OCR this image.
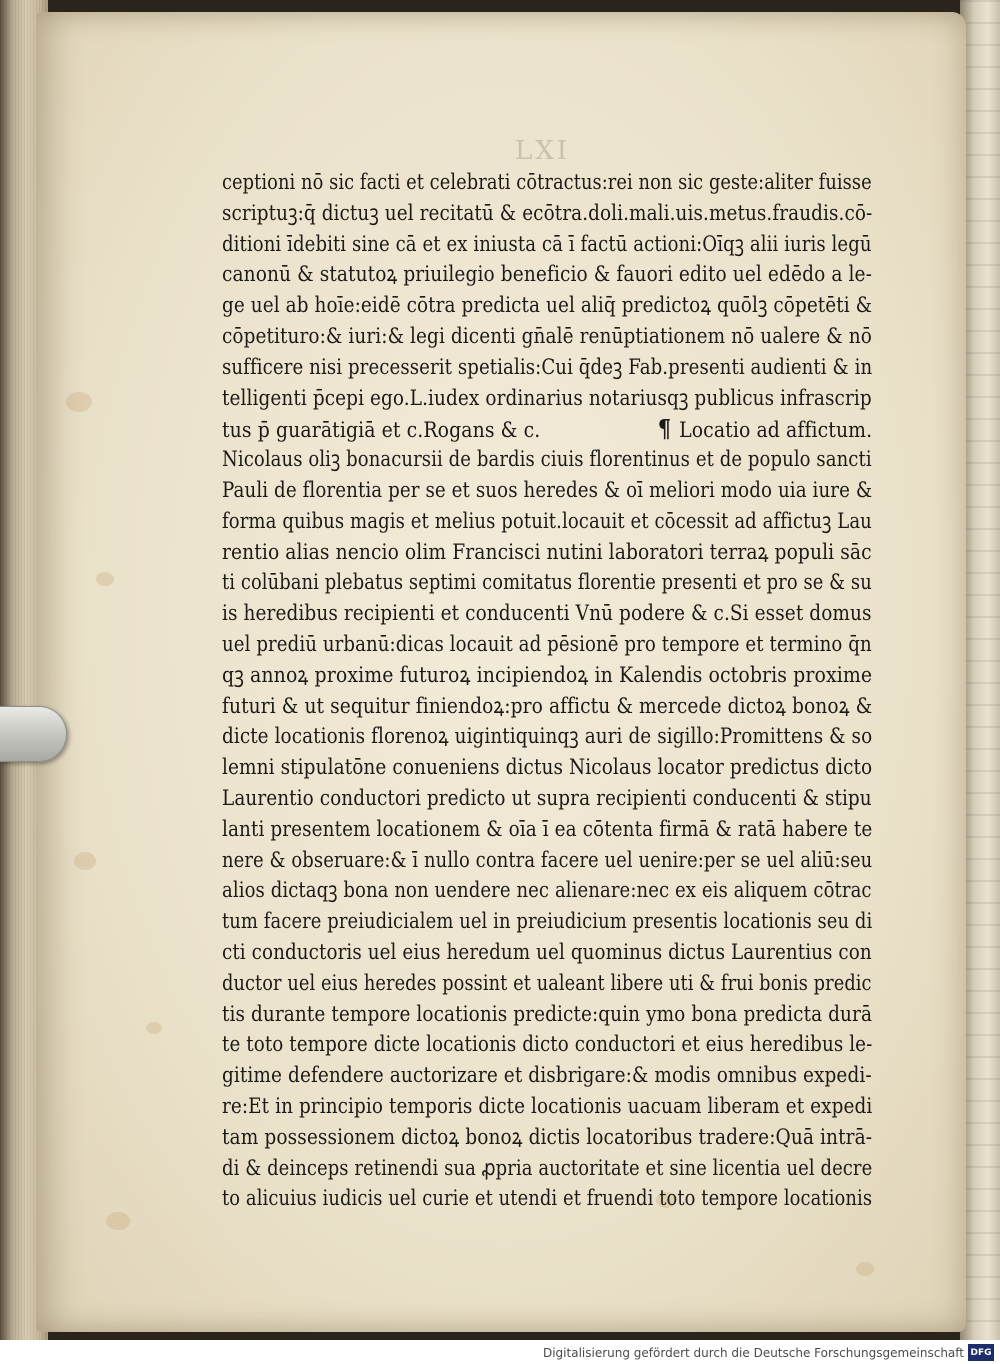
LXI
ceptioni nō sic facti et celebrati cōtractus:rei non sic geste:aliter fuisse
scriptuꝫ:q̄ dictuꝫ uel recitatū & ecōtra.doli.mali.uis.metus.fraudis.cō-
ditioni īdebiti sine cā et ex iniusta cā ī factū actioni:Oīqꝫ alii iuris legū
canonū & statutoꝝ priuilegio beneficio & fauori edito uel edēdo a le-
ge uel ab hoīe:eidē cōtra predicta uel aliq̄ predictoꝝ quōlꝫ cōpetēti &
cōpetituro:& iuri:& legi dicenti gn̄alē renūptiationem nō ualere & nō
sufficere nisi precesserit spetialis:Cui q̄deꝫ Fab.presenti audienti & in
telligenti p̄cepi ego.L.iudex ordinarius notariusqꝫ publicus infrascrip
tus p̄ guarātigiā et c.Rogans & c.	¶ Locatio ad affictum.
Nicolaus oliꝫ bonacursii de bardis ciuis florentinus et de populo sancti
Pauli de florentia per se et suos heredes & oī meliori modo uia iure &
forma quibus magis et melius potuit.locauit et cōcessit ad affictuꝫ Lau
rentio alias nencio olim Francisci nutini laboratori terraꝝ populi sāc
ti colūbani plebatus septimi comitatus florentie presenti et pro se & su
is heredibus recipienti et conducenti Vnū podere & c.Si esset domus
uel prediū urbanū:dicas locauit ad pēsionē pro tempore et termino q̄n
qꝫ annoꝝ proxime futuroꝝ incipiendoꝝ in Kalendis octobris proxime
futuri & ut sequitur finiendoꝝ:pro affictu & mercede dictoꝝ bonoꝝ &
dicte locationis florenoꝝ uigintiquinqꝫ auri de sigillo:Promittens & so
lemni stipulatōne conueniens dictus Nicolaus locator predictus dicto
Laurentio conductori predicto ut supra recipienti conducenti & stipu
lanti presentem locationem & oīa ī ea cōtenta firmā & ratā habere te
nere & obseruare:& ī nullo contra facere uel uenire:per se uel aliū:seu
alios dictaqꝫ bona non uendere nec alienare:nec ex eis aliquem cōtrac
tum facere preiudicialem uel in preiudicium presentis locationis seu di
cti conductoris uel eius heredum uel quominus dictus Laurentius con
ductor uel eius heredes possint et ualeant libere uti & frui bonis predic
tis durante tempore locationis predicte:quin ymo bona predicta durā
te toto tempore dicte locationis dicto conductori et eius heredibus le-
gitime defendere auctorizare et disbrigare:& modis omnibus expedi-
re:Et in principio temporis dicte locationis uacuam liberam et expedi
tam possessionem dictoꝝ bonoꝝ dictis locatoribus tradere:Quā intrā-
di & deinceps retinendi sua ꝓpria auctoritate et sine licentia uel decre
to alicuius iudicis uel curie et utendi et fruendi toto tempore locationis
Digitalisierung gefördert durch die Deutsche Forschungsgemeinschaft DFG
